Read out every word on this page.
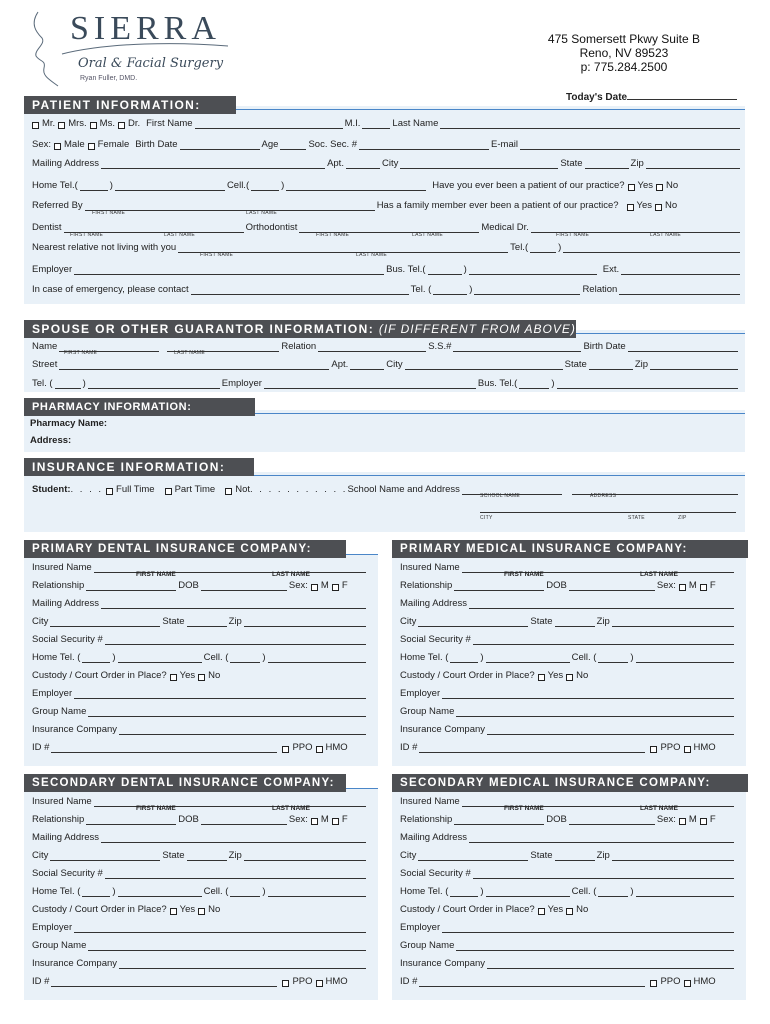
SIERRA
Oral & Facial Surgery
Ryan Fuller, DMD.
475 Somersett Pkwy Suite B
Reno, NV 89523
p: 775.284.2500
Today's Date
PATIENT INFORMATION:
Mr. Mrs. Ms. Dr. First Name	M.I.	Last Name
Sex: Male Female Birth Date	Age	Soc. Sec. #	E-mail
Mailing Address	Apt.	City	State	Zip
Home Tel.(	)	Cell.(	)	Have you ever been a patient of our practice? Yes No
Referred By	Has a family member ever been a patient of our practice? Yes No
FIRST NAME	LAST NAME
Dentist	Orthodontist	Medical Dr.
FIRST NAME	LAST NAME	FIRST NAME	LAST NAME	FIRST NAME	LAST NAME
Nearest relative not living with you	Tel.(	)
FIRST NAME	LAST NAME
Employer	Bus. Tel.(	)	Ext.
In case of emergency, please contact	Tel. (	)	Relation
SPOUSE OR OTHER GUARANTOR INFORMATION: (IF DIFFERENT FROM ABOVE)
Name	Relation	S.S.#	Birth Date
FIRST NAME	LAST NAME
Street	Apt.	City	State	Zip
Tel. (	)	Employer	Bus. Tel.(	)
PHARMACY INFORMATION:
Pharmacy Name:
Address:
INSURANCE INFORMATION:
Student: . . . . Full Time Part Time Not . . . . . . . . . . . School Name and Address
SCHOOL NAME	ADDRESS
CITY	STATE	ZIP
PRIMARY DENTAL INSURANCE COMPANY:
Insured Name
Relationship	DOB	Sex: M F
Mailing Address
City	State	Zip
Social Security #
Home Tel. (	)	Cell. (	)
Custody / Court Order in Place? Yes No
Employer
Group Name
Insurance Company
ID #	PPO HMO
FIRST NAME	LAST NAME
PRIMARY MEDICAL INSURANCE COMPANY:
Insured Name
Relationship	DOB	Sex: M F
Mailing Address
City	State	Zip
Social Security #
Home Tel. (	)	Cell. (	)
Custody / Court Order in Place? Yes No
Employer
Group Name
Insurance Company
ID #	PPO HMO
FIRST NAME	LAST NAME
SECONDARY DENTAL INSURANCE COMPANY:
Insured Name
Relationship	DOB	Sex: M F
Mailing Address
City	State	Zip
Social Security #
Home Tel. (	)	Cell. (	)
Custody / Court Order in Place? Yes No
Employer
Group Name
Insurance Company
ID #	PPO HMO
FIRST NAME	LAST NAME
SECONDARY MEDICAL INSURANCE COMPANY:
Insured Name
Relationship	DOB	Sex: M F
Mailing Address
City	State	Zip
Social Security #
Home Tel. (	)	Cell. (	)
Custody / Court Order in Place? Yes No
Employer
Group Name
Insurance Company
ID #	PPO HMO
FIRST NAME	LAST NAME
